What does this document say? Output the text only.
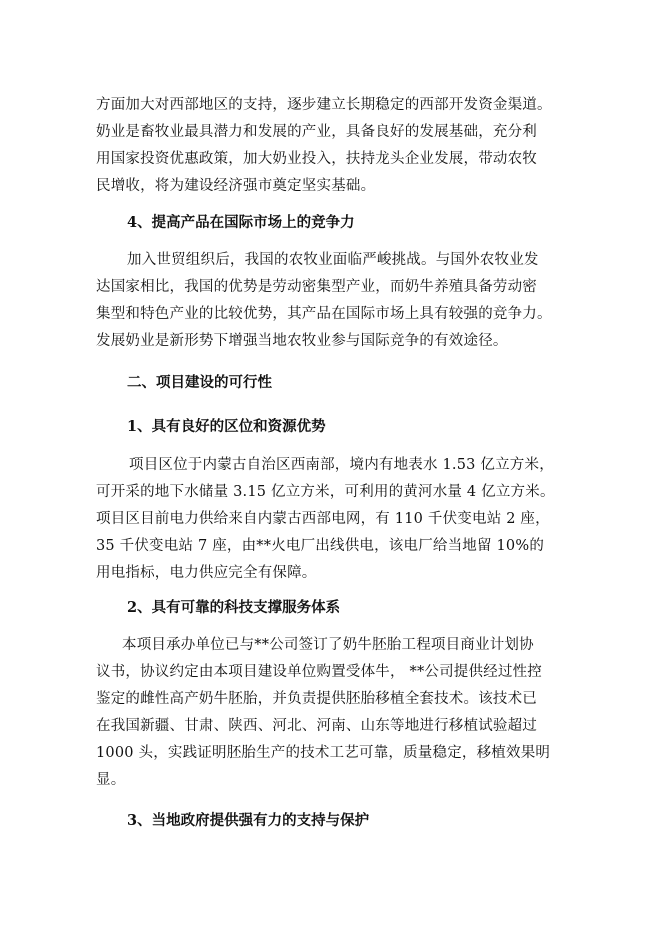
方面加大对西部地区的支持，逐步建立长期稳定的西部开发资金渠道。
奶业是畜牧业最具潜力和发展的产业，具备良好的发展基础，充分利
用国家投资优惠政策，加大奶业投入，扶持龙头企业发展，带动农牧
民增收，将为建设经济强市奠定坚实基础。
4、提高产品在国际市场上的竞争力
加入世贸组织后，我国的农牧业面临严峻挑战。与国外农牧业发
达国家相比，我国的优势是劳动密集型产业，而奶牛养殖具备劳动密
集型和特色产业的比较优势，其产品在国际市场上具有较强的竞争力。
发展奶业是新形势下增强当地农牧业参与国际竞争的有效途径。
二、项目建设的可行性
1、具有良好的区位和资源优势
项目区位于内蒙古自治区西南部，境内有地表水 1.53 亿立方米，
可开采的地下水储量 3.15 亿立方米，可利用的黄河水量 4 亿立方米。
项目区目前电力供给来自内蒙古西部电网，有 110 千伏变电站 2 座，
35 千伏变电站 7 座，由**火电厂出线供电，该电厂给当地留 10%的
用电指标，电力供应完全有保障。
2、具有可靠的科技支撑服务体系
本项目承办单位已与**公司签订了奶牛胚胎工程项目商业计划协
议书，协议约定由本项目建设单位购置受体牛， **公司提供经过性控
鉴定的雌性高产奶牛胚胎，并负责提供胚胎移植全套技术。该技术已
在我国新疆、甘肃、陕西、河北、河南、山东等地进行移植试验超过
1000 头，实践证明胚胎生产的技术工艺可靠，质量稳定，移植效果明
显。
3、当地政府提供强有力的支持与保护
